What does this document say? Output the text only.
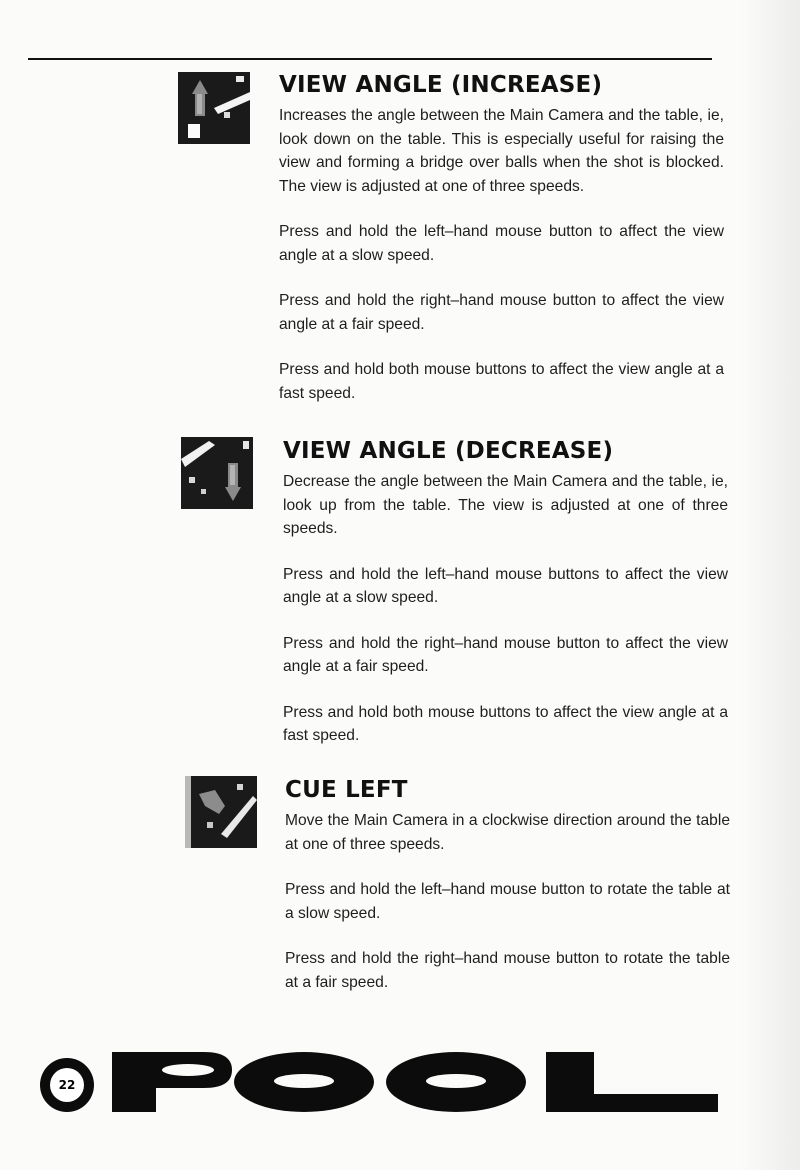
VIEW ANGLE (INCREASE)

Increases the angle between the Main Camera and the table, ie, look down on the table. This is especially useful for raising the view and forming a bridge over balls when the shot is blocked. The view is adjusted at one of three speeds.

Press and hold the left–hand mouse button to affect the view angle at a slow speed.

Press and hold the right–hand mouse button to affect the view angle at a fair speed.

Press and hold both mouse buttons to affect the view angle at a fast speed.

VIEW ANGLE (DECREASE)

Decrease the angle between the Main Camera and the table, ie, look up from the table. The view is adjusted at one of three speeds.

Press and hold the left–hand mouse buttons to affect the view angle at a slow speed.

Press and hold the right–hand mouse button to affect the view angle at a fair speed.

Press and hold both mouse buttons to affect the view angle at a fast speed.

CUE LEFT

Move the Main Camera in a clockwise direction around the table at one of three speeds.

Press and hold the left–hand mouse button to rotate the table at a slow speed.

Press and hold the right–hand mouse button to rotate the table at a fair speed.

22
